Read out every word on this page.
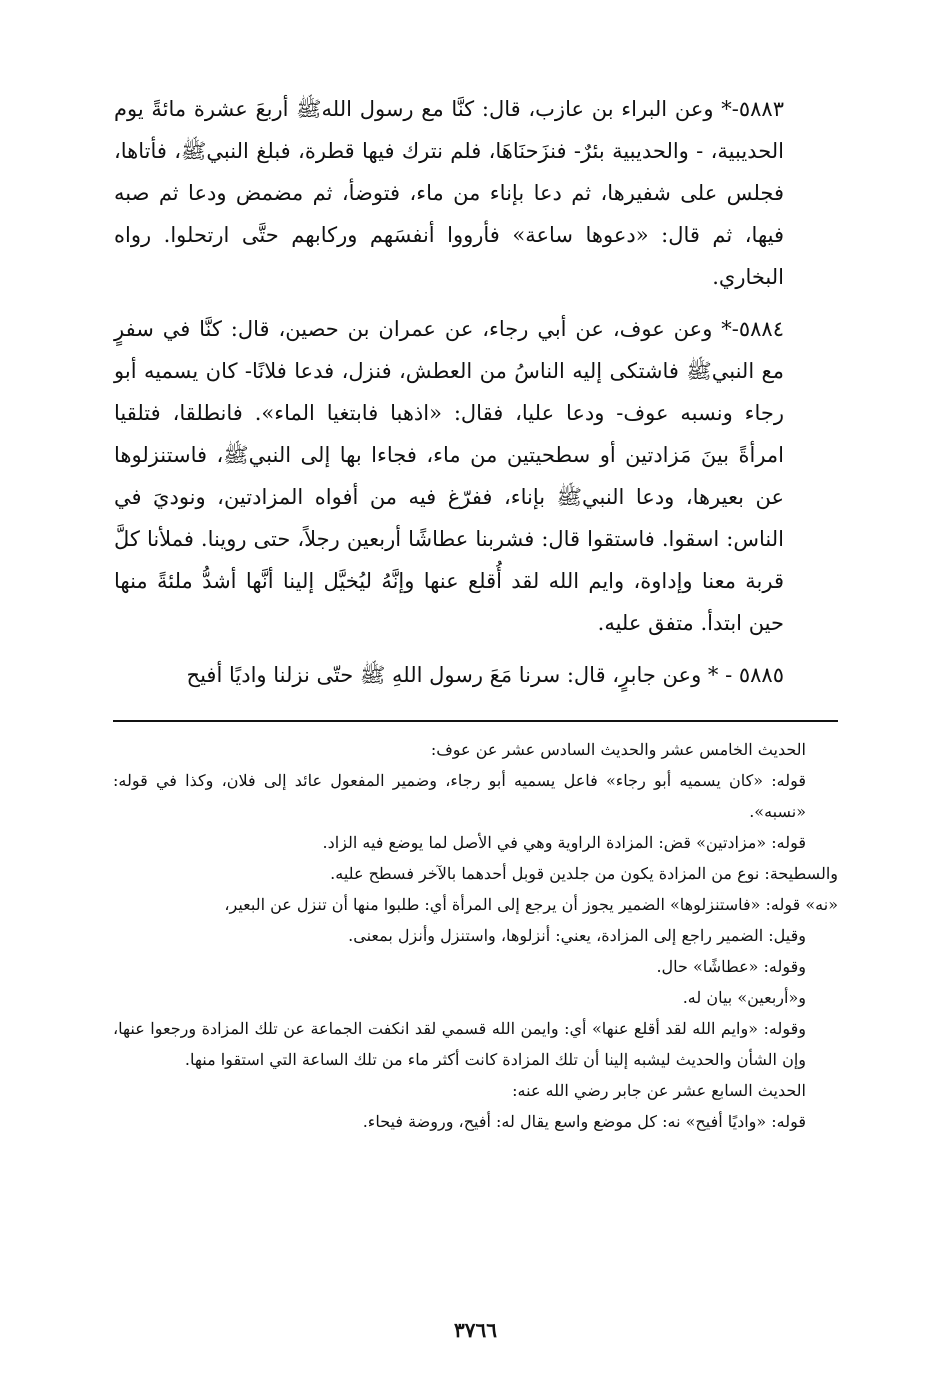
٥٨٨٣-* وعن البراء بن عازب، قال: كنَّا مع رسول اللهﷺ أربعَ عشرة مائةً يوم الحديبية، - والحديبية بئرٌ- فنزَحنَاهَا، فلم نترك فيها قطرة، فبلغ النبيﷺ، فأتاها، فجلس على شفيرها، ثم دعا بإناء من ماء، فتوضأ، ثم مضمض ودعا ثم صبه فيها، ثم قال: «دعوها ساعة» فأرووا أنفسَهم وركابهم حتَّى ارتحلوا. رواه البخاري.

٥٨٨٤-* وعن عوف، عن أبي رجاء، عن عمران بن حصين، قال: كنَّا في سفرٍ مع النبيﷺ فاشتكى إليه الناسُ من العطش، فنزل، فدعا فلانًا- كان يسميه أبو رجاء ونسبه عوف- ودعا عليا، فقال: «اذهبا فابتغيا الماء». فانطلقا، فتلقيا امرأةً بينَ مَزادتين أو سطحيتين من ماء، فجاءا بها إلى النبيﷺ، فاستنزلوها عن بعيرها، ودعا النبيﷺ بإناء، ففرّغ فيه من أفواه المزادتين، ونوديَ في الناس: اسقوا. فاستقوا قال: فشربنا عطاشًا أربعين رجلاً، حتى روينا. فملأنا كلَّ قربة معنا وإداوة، وايم الله لقد أُقلع عنها وإنَّهُ ليُخيَّل إلينا أنَّها أشدُّ ملئةً منها حين ابتدأ. متفق عليه.

٥٨٨٥ - * وعن جابرٍ، قال: سرنا مَعَ رسول اللهِ ﷺ حتّى نزلنا واديًا أفيح

الحديث الخامس عشر والحديث السادس عشر عن عوف:

قوله: «كان يسميه أبو رجاء» فاعل يسميه أبو رجاء، وضمير المفعول عائد إلى فلان، وكذا في قوله: «نسبه».

قوله: «مزادتين» قض: المزادة الراوية وهي في الأصل لما يوضع فيه الزاد.

والسطيحة: نوع من المزادة يكون من جلدين قوبل أحدهما بالآخر فسطح عليه.

«نه» قوله: «فاستنزلوها» الضمير يجوز أن يرجع إلى المرأة أي: طلبوا منها أن تنزل عن البعير،

وقيل: الضمير راجع إلى المزادة، يعني: أنزلوها، واستنزل وأنزل بمعنى.

وقوله: «عطاشًا» حال.

و«أربعين» بيان له.

وقوله: «وايم الله لقد أقلع عنها» أي: وايمن الله قسمي لقد انكفت الجماعة عن تلك المزادة ورجعوا عنها، وإن الشأن والحديث ليشبه إلينا أن تلك المزادة كانت أكثر ماء من تلك الساعة التي استقوا منها.

الحديث السابع عشر عن جابر رضي الله عنه:

قوله: «واديًا أفيح» نه: كل موضع واسع يقال له: أفيح، وروضة فيحاء.

٣٧٦٦
